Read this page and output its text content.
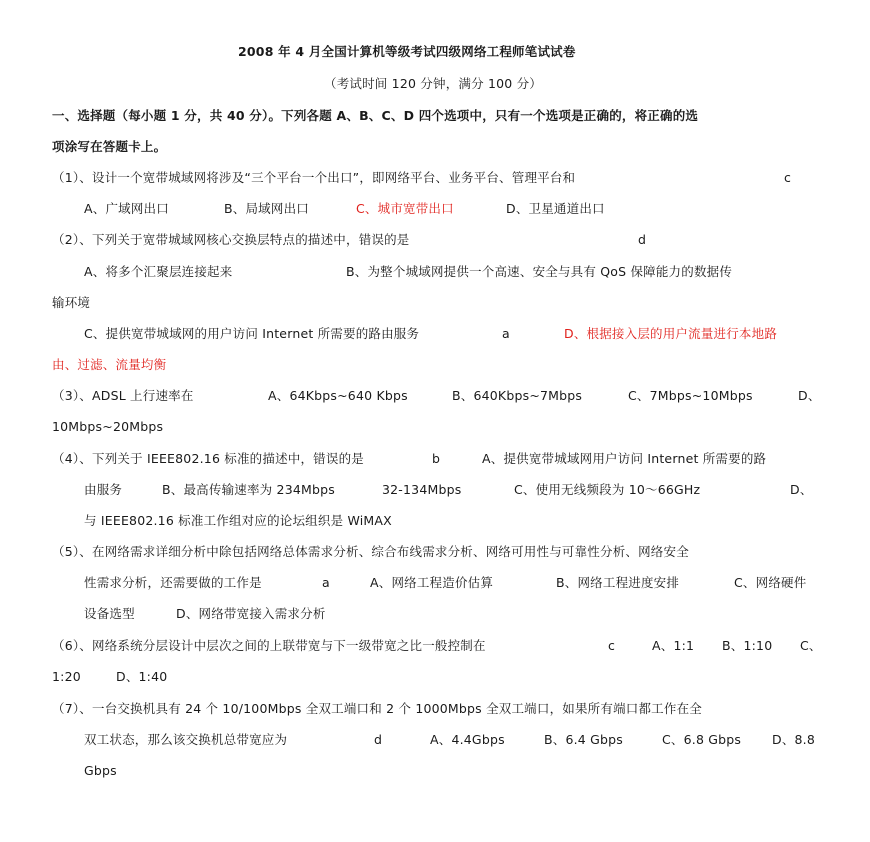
2008 年 4 月全国计算机等级考试四级网络工程师笔试试卷
（考试时间 120 分钟，满分 100 分）
一、选择题（每小题 1 分，共 40 分）。下列各题 A、B、C、D 四个选项中，只有一个选项是正确的，将正确的选
项涂写在答题卡上。
（1）、设计一个宽带城域网将涉及“三个平台一个出口”，即网络平台、业务平台、管理平台和	c
A、广域网出口	B、局域网出口	C、城市宽带出口	D、卫星通道出口
（2）、下列关于宽带城域网核心交换层特点的描述中，错误的是	d
A、将多个汇聚层连接起来	B、为整个城域网提供一个高速、安全与具有 QoS 保障能力的数据传
输环境
C、提供宽带城域网的用户访问 Internet 所需要的路由服务	a	D、根据接入层的用户流量进行本地路
由、过滤、流量均衡
（3）、ADSL 上行速率在	A、64Kbps~640 Kbps	B、640Kbps~7Mbps	C、7Mbps~10Mbps	D、
10Mbps~20Mbps
（4）、下列关于 IEEE802.16 标准的描述中，错误的是	b	A、提供宽带城域网用户访问 Internet 所需要的路
由服务	B、最高传输速率为 234Mbps	32-134Mbps	C、使用无线频段为 10～66GHz	D、
与 IEEE802.16 标准工作组对应的论坛组织是 WiMAX
（5）、在网络需求详细分析中除包括网络总体需求分析、综合布线需求分析、网络可用性与可靠性分析、网络安全
性需求分析，还需要做的工作是	a	A、网络工程造价估算	B、网络工程进度安排	C、网络硬件
设备选型	D、网络带宽接入需求分析
（6）、网络系统分层设计中层次之间的上联带宽与下一级带宽之比一般控制在	c	A、1:1 B、1:10 C、
1:20	D、1:40
（7）、一台交换机具有 24 个 10/100Mbps 全双工端口和 2 个 1000Mbps 全双工端口，如果所有端口都工作在全
双工状态，那么该交换机总带宽应为	d	A、4.4Gbps	B、6.4 Gbps	C、6.8 Gbps D、8.8
Gbps
